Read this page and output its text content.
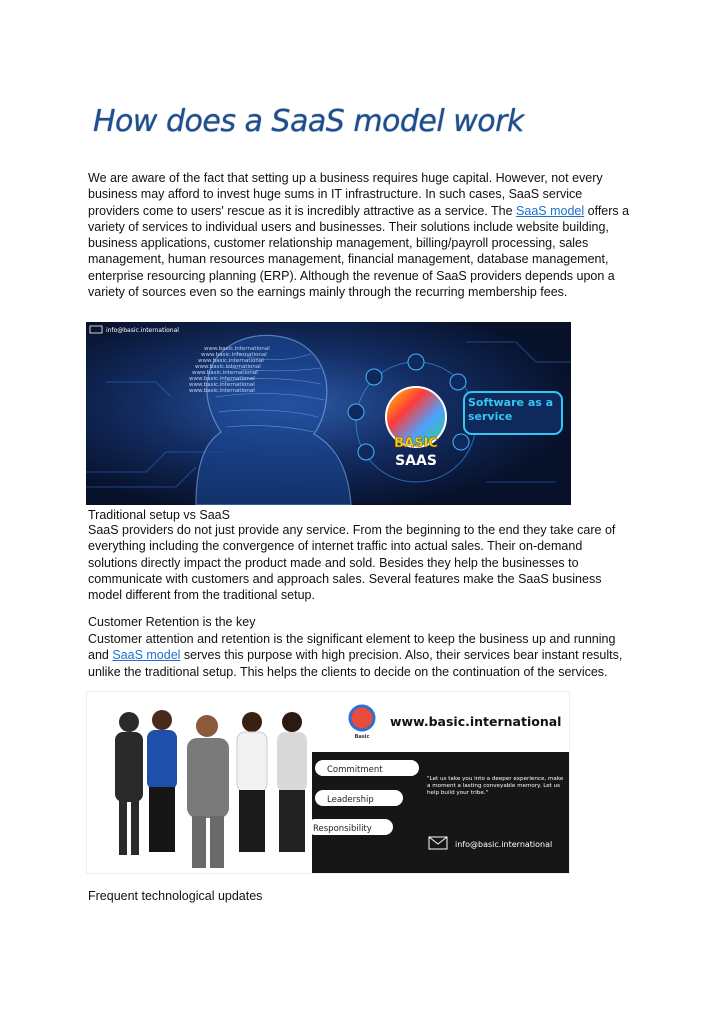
How does a SaaS model work

We are aware of the fact that setting up a business requires huge capital. However, not every business may afford to invest huge sums in IT infrastructure. In such cases, SaaS service providers come to users' rescue as it is incredibly attractive as a service. The SaaS model offers a variety of services to individual users and businesses. Their solutions include website building, business applications, customer relationship management, billing/payroll processing, sales management, human resources management, financial management, database management, enterprise resourcing planning (ERP). Although the revenue of SaaS providers depends upon a variety of sources even so the earnings mainly through the recurring membership fees.

www.basic.international
www.basic.international
www.basic.international
www.basic.international
www.basic.international
www.basic.international
www.basic.international
www.basic.international
info@basic.international
BASIC
SAAS
Software as a service

Traditional setup vs SaaS

SaaS providers do not just provide any service. From the beginning to the end they take care of everything including the convergence of internet traffic into actual sales. Their on-demand solutions directly impact the product made and sold. Besides they help the businesses to communicate with customers and approach sales. Several features make the SaaS business model different from the traditional setup.

Customer Retention is the key

Customer attention and retention is the significant element to keep the business up and running and SaaS model serves this purpose with high precision. Also, their services bear instant results, unlike the traditional setup. This helps the clients to decide on the continuation of the services.

Basic
www.basic.international
Commitment
Leadership
Responsibility
"Let us take you into a deeper experience, make a moment a lasting conveyable memory. Let us help build your tribe."
info@basic.international

Frequent technological updates
